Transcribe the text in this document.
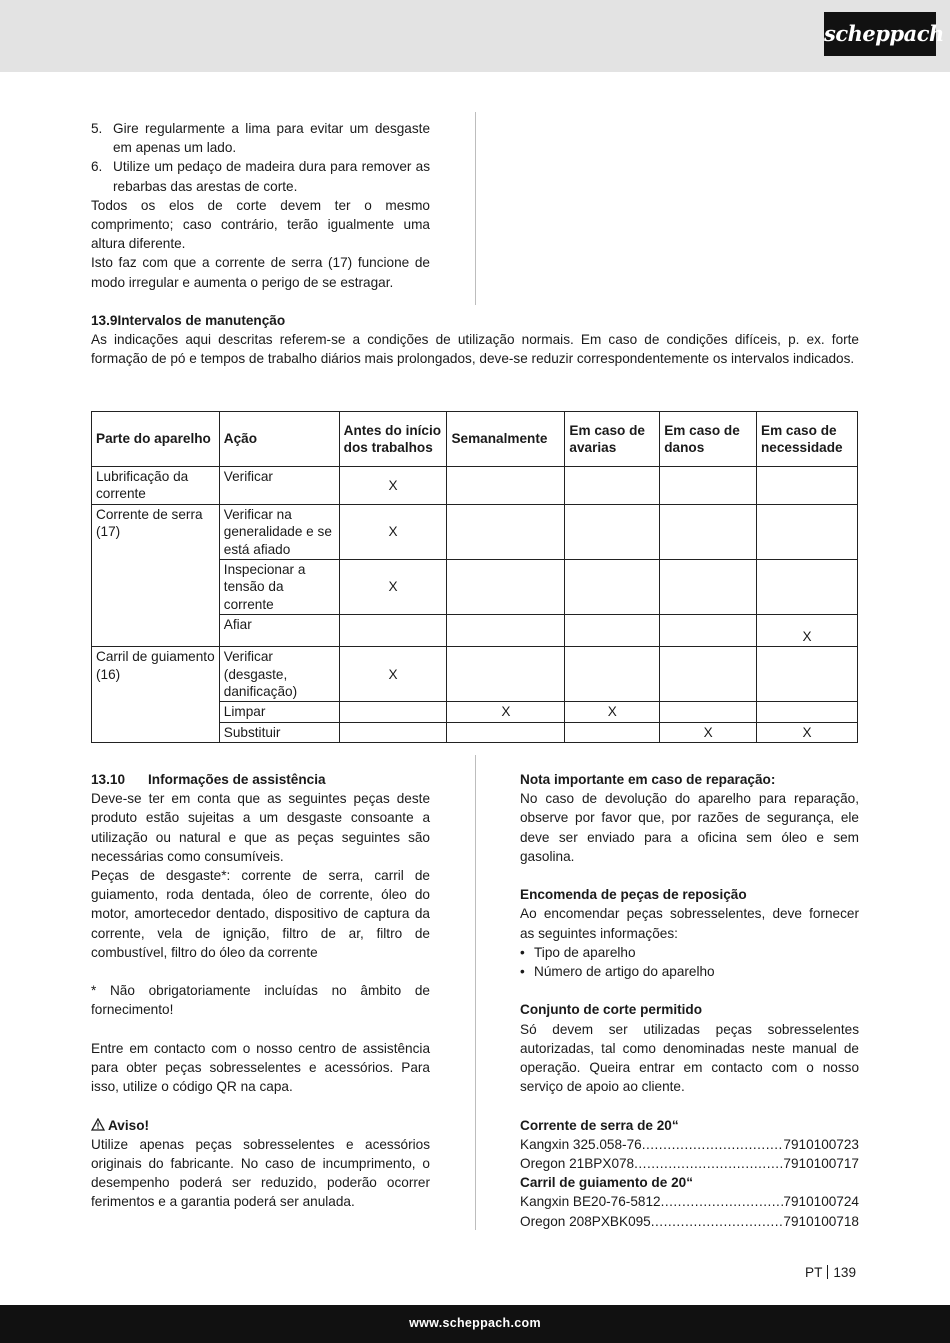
scheppach
5. Gire regularmente a lima para evitar um desgaste em apenas um lado.
6. Utilize um pedaço de madeira dura para remover as rebarbas das arestas de corte.

Todos os elos de corte devem ter o mesmo comprimento; caso contrário, terão igualmente uma altura diferente.

Isto faz com que a corrente de serra (17) funcione de modo irregular e aumenta o perigo de se estragar.

13.9Intervalos de manutenção
As indicações aqui descritas referem-se a condições de utilização normais. Em caso de condições difíceis, p. ex. forte formação de pó e tempos de trabalho diários mais prolongados, deve-se reduzir correspondentemente os intervalos indicados.
Parte do aparelho	Ação	Antes do início dos trabalhos	Semanalmente	Em caso de avarias	Em caso de danos	Em caso de necessidade
Lubrificação da corrente	Verificar	X				
Corrente de serra (17)	Verificar na generalidade e se está afiado	X				
	Inspecionar a tensão da corrente	X				
	Afiar					X
Carril de guiamento (16)	Verificar (desgaste, danificação)	X				
	Limpar		X	X		
	Substituir				X	X
13.10 Informações de assistência

Deve-se ter em conta que as seguintes peças deste produto estão sujeitas a um desgaste consoante a utilização ou natural e que as peças seguintes são necessárias como consumíveis.

Peças de desgaste*: corrente de serra, carril de guiamento, roda dentada, óleo de corrente, óleo do motor, amortecedor dentado, dispositivo de captura da corrente, vela de ignição, filtro de ar, filtro de combustível, filtro do óleo da corrente

* Não obrigatoriamente incluídas no âmbito de fornecimento!

Entre em contacto com o nosso centro de assistência para obter peças sobresselentes e acessórios. Para isso, utilize o código QR na capa.

Aviso!

Utilize apenas peças sobresselentes e acessórios originais do fabricante. No caso de incumprimento, o desempenho poderá ser reduzido, poderão ocorrer ferimentos e a garantia poderá ser anulada.

Nota importante em caso de reparação:

No caso de devolução do aparelho para reparação, observe por favor que, por razões de segurança, ele deve ser enviado para a oficina sem óleo e sem gasolina.

Encomenda de peças de reposição

Ao encomendar peças sobresselentes, deve fornecer as seguintes informações:

• Tipo de aparelho
• Número de artigo do aparelho
Conjunto de corte permitido

Só devem ser utilizadas peças sobresselentes autorizadas, tal como denominadas neste manual de operação. Queira entrar em contacto com o nosso serviço de apoio ao cliente.

Corrente de serra de 20“
Kangxin 325.058-76 .....	7910100723
Oregon 21BPX078 .....	7910100717
Carril de guiamento de 20“
Kangxin BE20-76-5812 .....	7910100724
Oregon 208PXBK095 .....	7910100718
PT 139
www.scheppach.com
